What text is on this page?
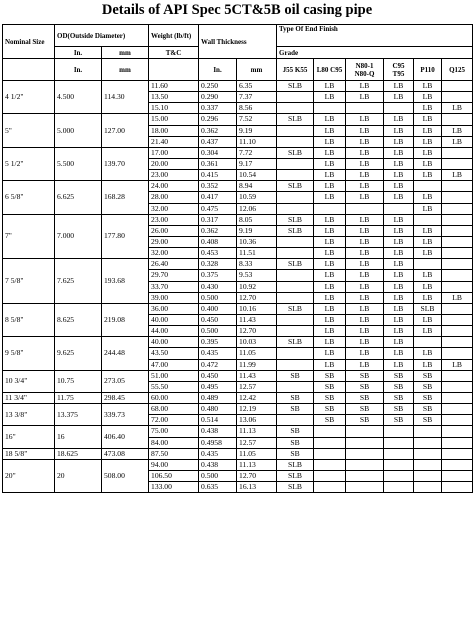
Details of API Spec 5CT&5B oil casing pipe
Nominal Size	OD(Outside Diameter)		Weight (lb/ft)	Wall Thickness		Type Of End Finish					
	In.	mm	T&C			Grade					
	In.	mm		In.	mm	J55 K55	L80 C95	N80-1 N80-Q	C95 T95	P110	Q125
4 1/2"	4.500	114.30	11.60	0.250	6.35	SLB	LB	LB	LB	LB	
			13.50	0.290	7.37		LB	LB	LB	LB	
			15.10	0.337	8.56					LB	LB
5"	5.000	127.00	15.00	0.296	7.52	SLB	LB	LB	LB	LB	
			18.00	0.362	9.19		LB	LB	LB	LB	LB
			21.40	0.437	11.10		LB	LB	LB	LB	LB
5 1/2"	5.500	139.70	17.00	0.304	7.72	SLB	LB	LB	LB	LB	
			20.00	0.361	9.17		LB	LB	LB	LB	
			23.00	0.415	10.54		LB	LB	LB	LB	LB
6 5/8"	6.625	168.28	24.00	0.352	8.94	SLB	LB	LB	LB		
			28.00	0.417	10.59		LB	LB	LB	LB	
			32.00	0.475	12.06					LB	
7"	7.000	177.80	23.00	0.317	8.05	SLB	LB	LB	LB		
			26.00	0.362	9.19	SLB	LB	LB	LB	LB	
			29.00	0.408	10.36		LB	LB	LB	LB	
			32.00	0.453	11.51		LB	LB	LB	LB	
7 5/8"	7.625	193.68	26.40	0.328	8.33	SLB	LB	LB	LB		
			29.70	0.375	9.53		LB	LB	LB	LB	
			33.70	0.430	10.92		LB	LB	LB	LB	
			39.00	0.500	12.70		LB	LB	LB	LB	LB
8 5/8"	8.625	219.08	36.00	0.400	10.16	SLB	LB	LB	LB	SLB	
			40.00	0.450	11.43		LB	LB	LB	LB	
			44.00	0.500	12.70		LB	LB	LB	LB	
9 5/8"	9.625	244.48	40.00	0.395	10.03	SLB	LB	LB	LB		
			43.50	0.435	11.05		LB	LB	LB	LB	
			47.00	0.472	11.99		LB	LB	LB	LB	LB
10 3/4"	10.75	273.05	51.00	0.450	11.43	SB	SB	SB	SB	SB	
			55.50	0.495	12.57		SB	SB	SB	SB	
11 3/4"	11.75	298.45	60.00	0.489	12.42	SB	SB	SB	SB	SB	
13 3/8"	13.375	339.73	68.00	0.480	12.19	SB	SB	SB	SB	SB	
			72.00	0.514	13.06		SB	SB	SB	SB	
16"	16	406.40	75.00	0.438	11.13	SB					
			84.00	0.4958	12.57	SB					
18 5/8"	18.625	473.08	87.50	0.435	11.05	SB					
20"	20	508.00	94.00	0.438	11.13	SLB					
			106.50	0.500	12.70	SLB					
			133.00	0.635	16.13	SLB					
